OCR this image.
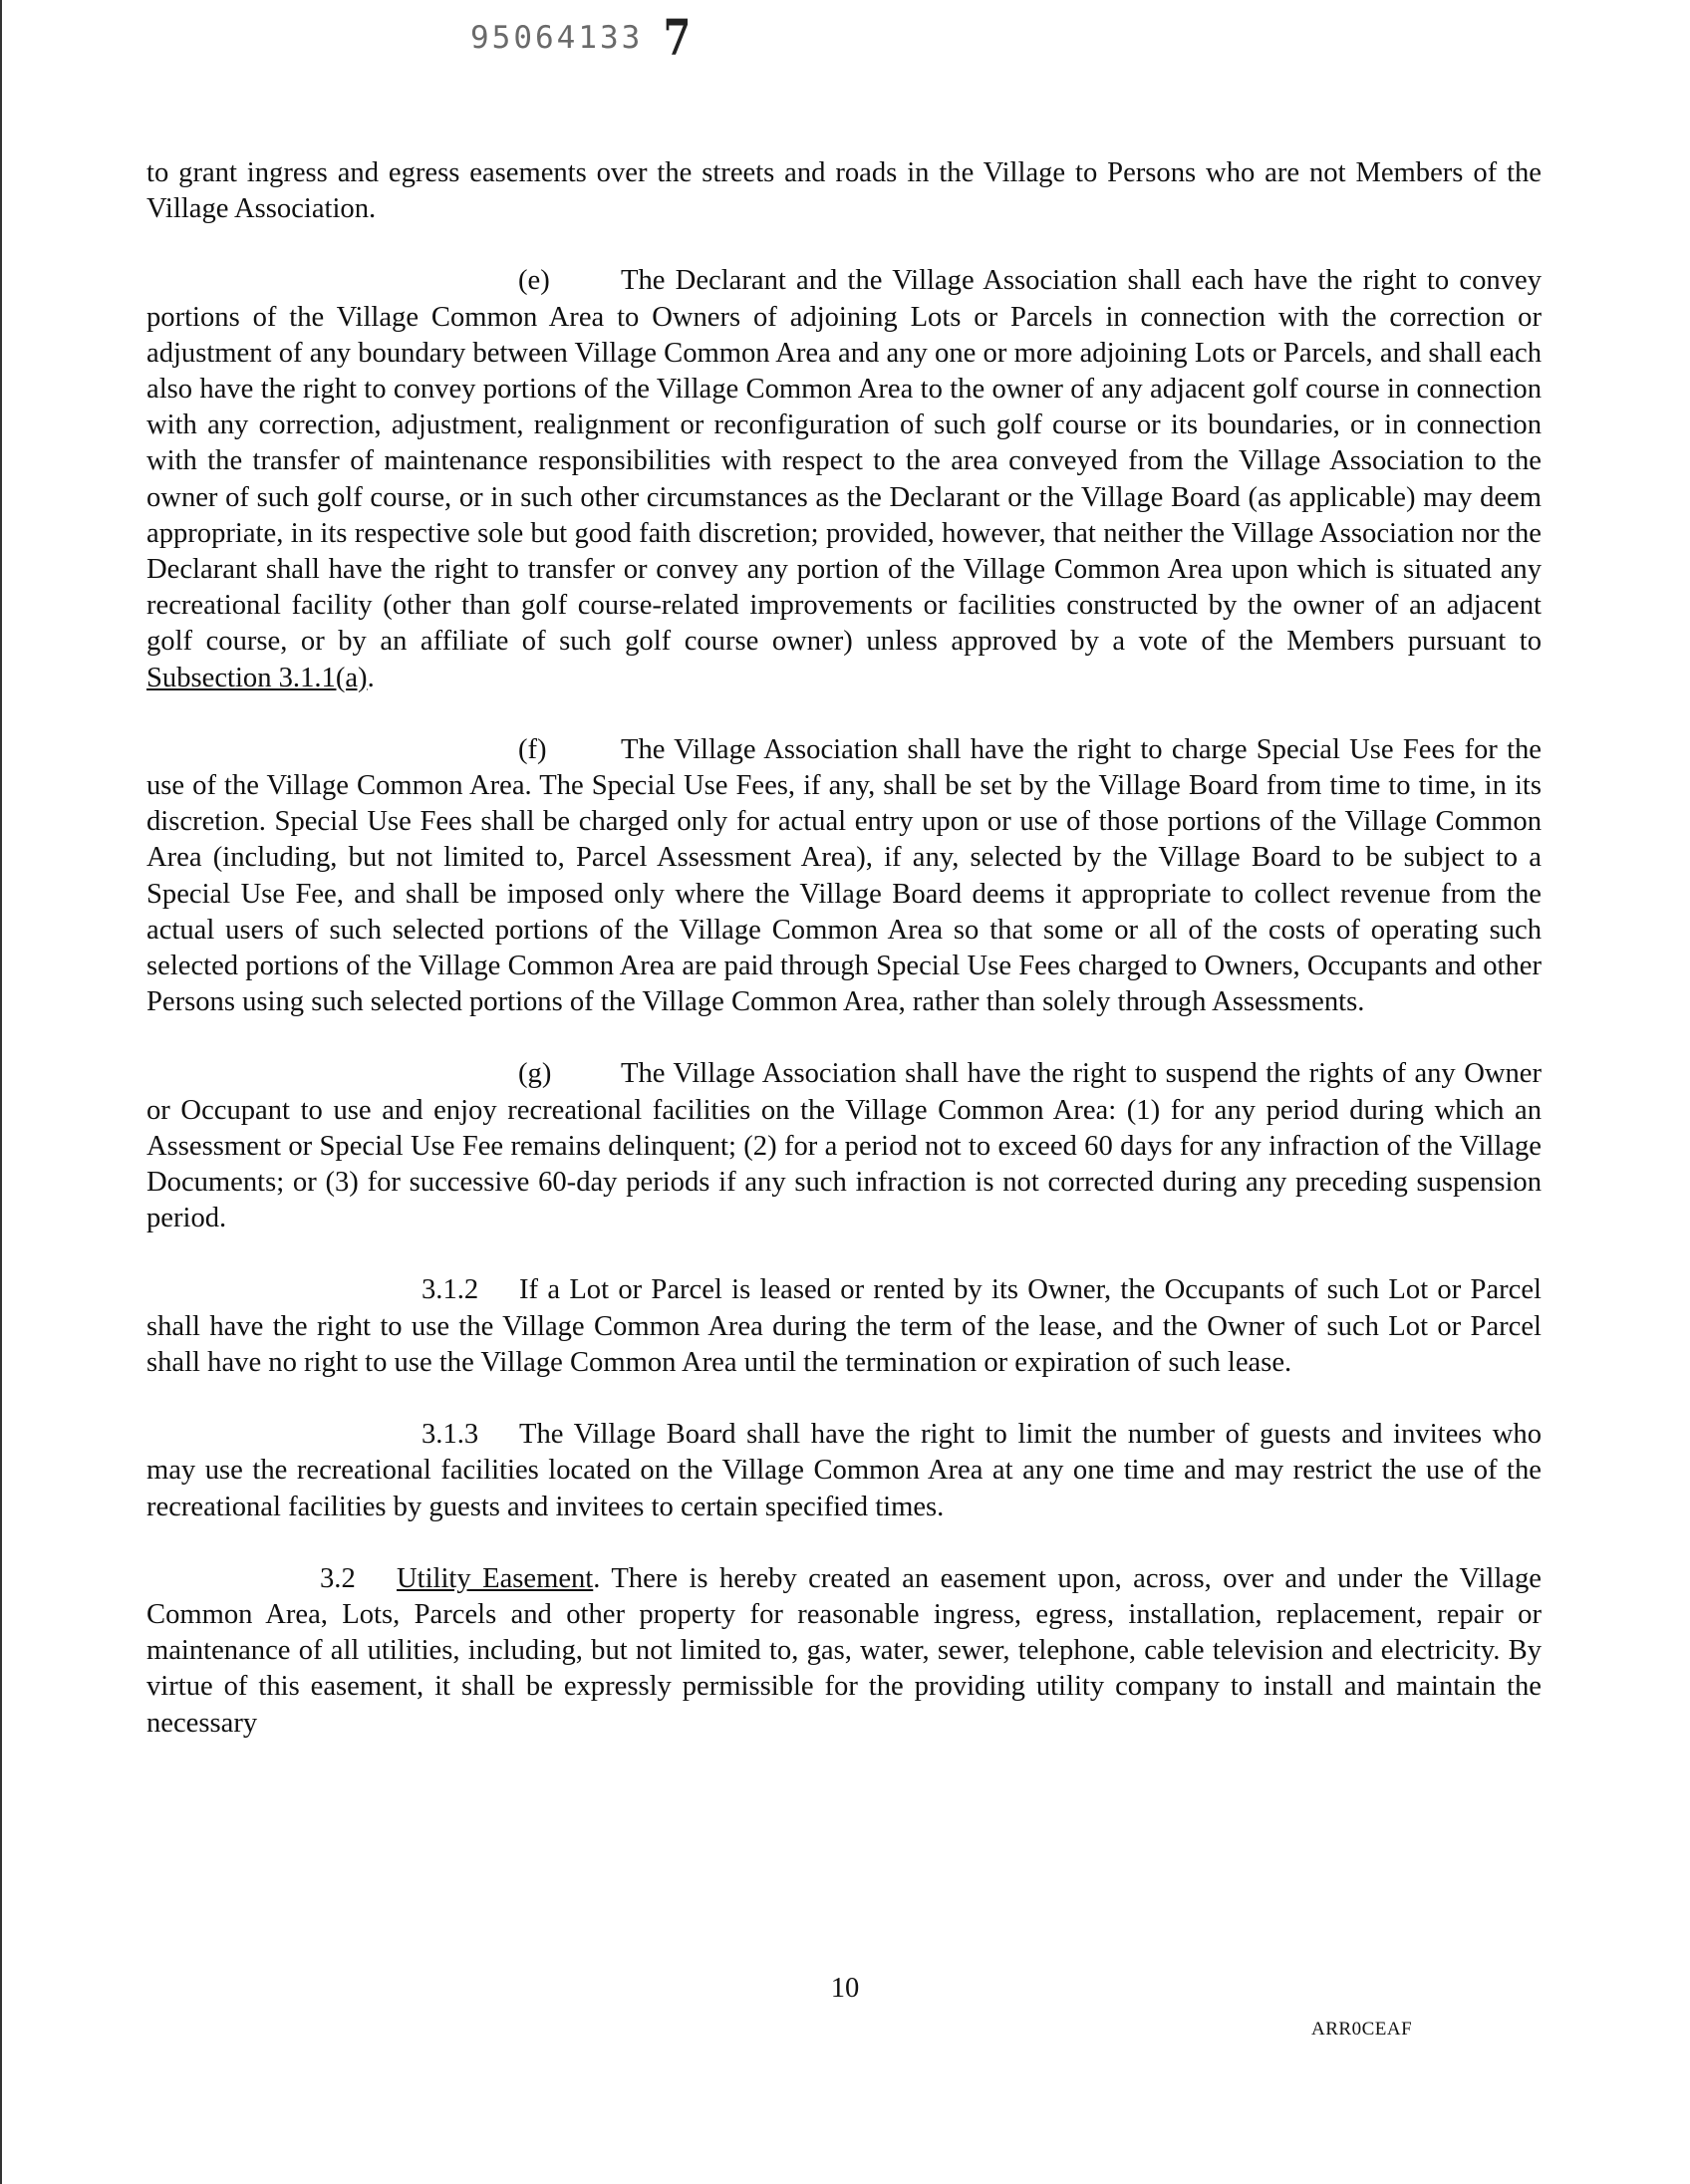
95064133 7

to grant ingress and egress easements over the streets and roads in the Village to Persons who are not Members of the Village Association.

(e) The Declarant and the Village Association shall each have the right to convey portions of the Village Common Area to Owners of adjoining Lots or Parcels in connection with the correction or adjustment of any boundary between Village Common Area and any one or more adjoining Lots or Parcels, and shall each also have the right to convey portions of the Village Common Area to the owner of any adjacent golf course in connection with any correction, adjustment, realignment or reconfiguration of such golf course or its boundaries, or in connection with the transfer of maintenance responsibilities with respect to the area conveyed from the Village Association to the owner of such golf course, or in such other circumstances as the Declarant or the Village Board (as applicable) may deem appropriate, in its respective sole but good faith discretion; provided, however, that neither the Village Association nor the Declarant shall have the right to transfer or convey any portion of the Village Common Area upon which is situated any recreational facility (other than golf course-related improvements or facilities constructed by the owner of an adjacent golf course, or by an affiliate of such golf course owner) unless approved by a vote of the Members pursuant to Subsection 3.1.1(a).

(f)	The Village Association shall have the right to charge Special Use Fees for the use of the Village Common Area. The Special Use Fees, if any, shall be set by the Village Board from time to time, in its discretion. Special Use Fees shall be charged only for actual entry upon or use of those portions of the Village Common Area (including, but not limited to, Parcel Assessment Area), if any, selected by the Village Board to be subject to a Special Use Fee, and shall be imposed only where the Village Board deems it appropriate to collect revenue from the actual users of such selected portions of the Village Common Area so that some or all of the costs of operating such selected portions of the Village Common Area are paid through Special Use Fees charged to Owners, Occupants and other Persons using such selected portions of the Village Common Area, rather than solely through Assessments.

(g) The Village Association shall have the right to suspend the rights of any Owner or Occupant to use and enjoy recreational facilities on the Village Common Area: (1) for any period during which an Assessment or Special Use Fee remains delinquent; (2) for a period not to exceed 60 days for any infraction of the Village Documents; or (3) for successive 60-day periods if any such infraction is not corrected during any preceding suspension period.

3.1.2 If a Lot or Parcel is leased or rented by its Owner, the Occupants of such Lot or Parcel shall have the right to use the Village Common Area during the term of the lease, and the Owner of such Lot or Parcel shall have no right to use the Village Common Area until the termination or expiration of such lease.

3.1.3 The Village Board shall have the right to limit the number of guests and invitees who may use the recreational facilities located on the Village Common Area at any one time and may restrict the use of the recreational facilities by guests and invitees to certain specified times.

3.2 Utility Easement. There is hereby created an easement upon, across, over and under the Village Common Area, Lots, Parcels and other property for reasonable ingress, egress, installation, replacement, repair or maintenance of all utilities, including, but not limited to, gas, water, sewer, telephone, cable television and electricity. By virtue of this easement, it shall be expressly permissible for the providing utility company to install and maintain the necessary

10
ARR0CEAF
